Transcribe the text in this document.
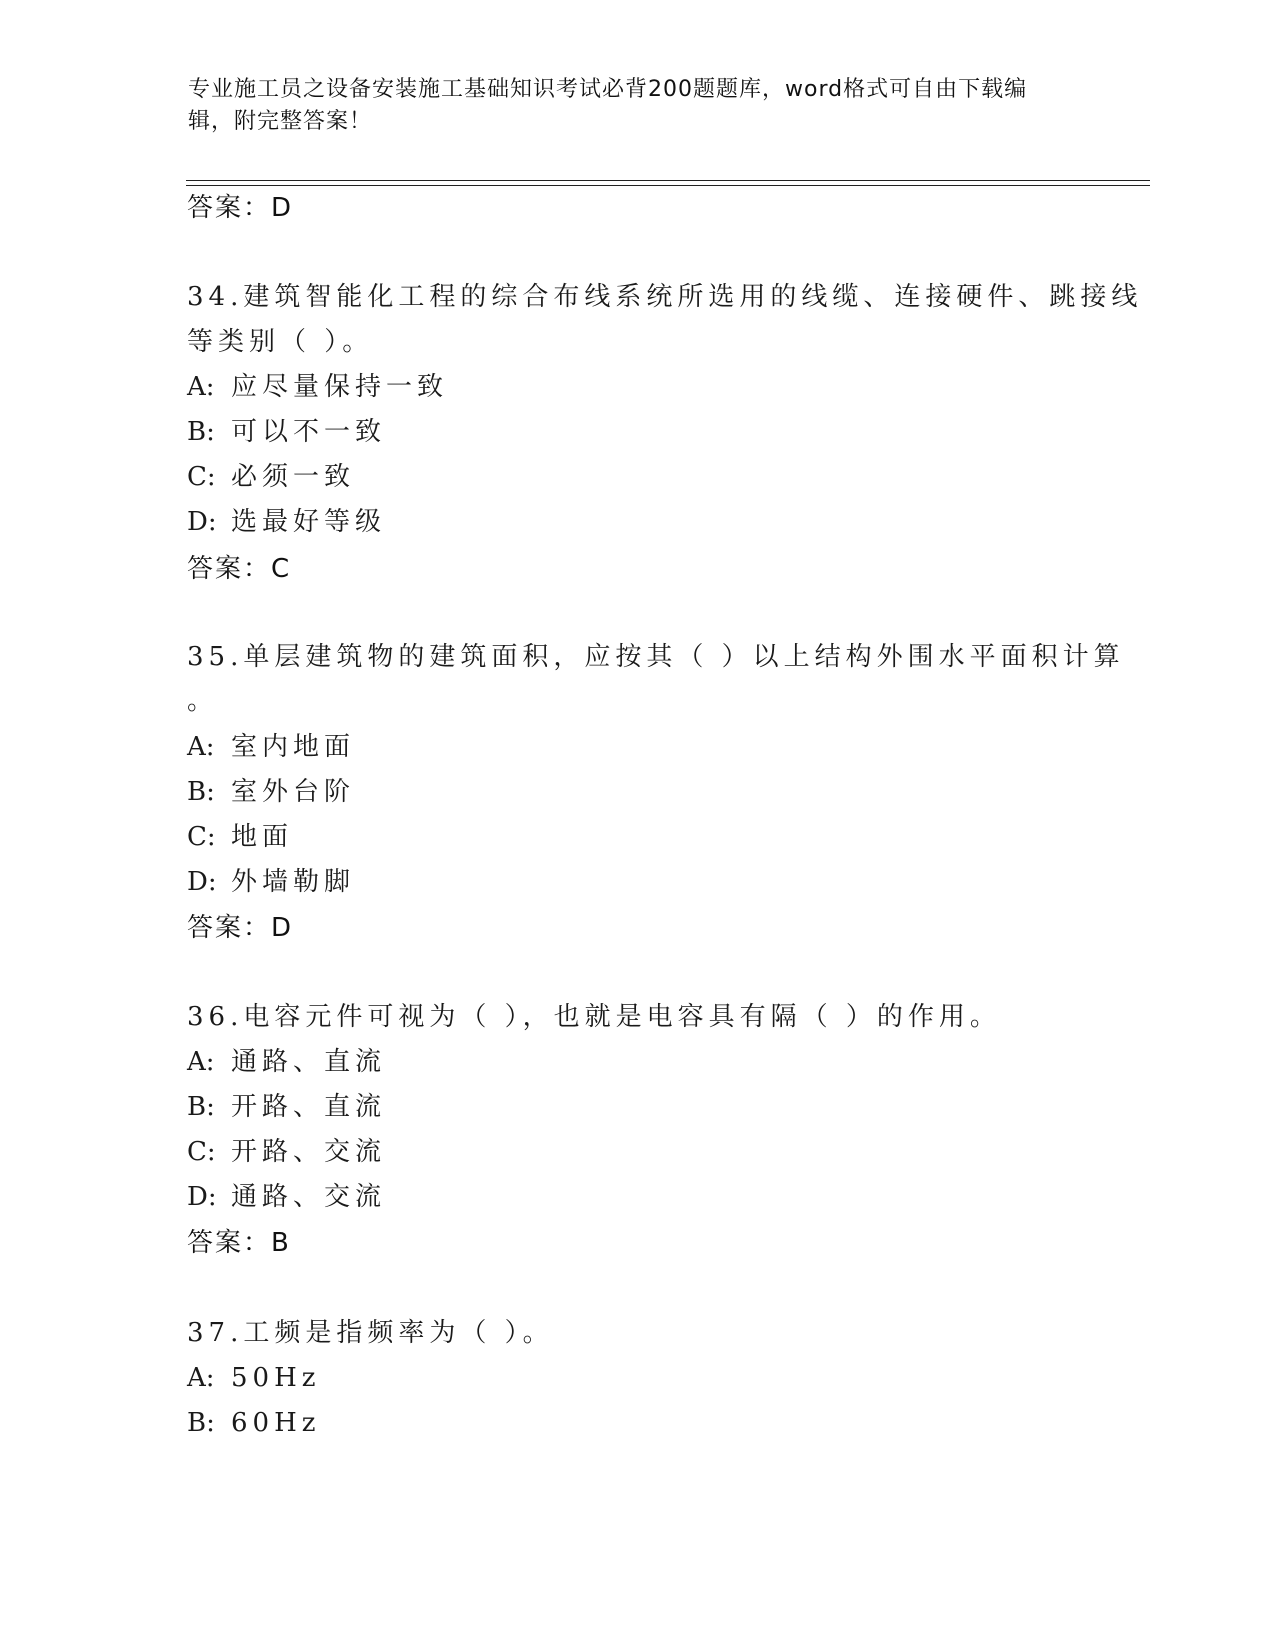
专业施工员之设备安装施工基础知识考试必背200题题库，word格式可自由下载编辑，附完整答案！
答案：D
34.建筑智能化工程的综合布线系统所选用的线缆、连接硬件、跳接线
等类别（ ）。
A: 应尽量保持一致
B: 可以不一致
C: 必须一致
D: 选最好等级
答案：C
35.单层建筑物的建筑面积，应按其（ ）以上结构外围水平面积计算
。
A: 室内地面
B: 室外台阶
C: 地面
D: 外墙勒脚
答案：D
36.电容元件可视为（ ），也就是电容具有隔（ ）的作用。
A: 通路、直流
B: 开路、直流
C: 开路、交流
D: 通路、交流
答案：B
37.工频是指频率为（ ）。
A: 50Hz
B: 60Hz
